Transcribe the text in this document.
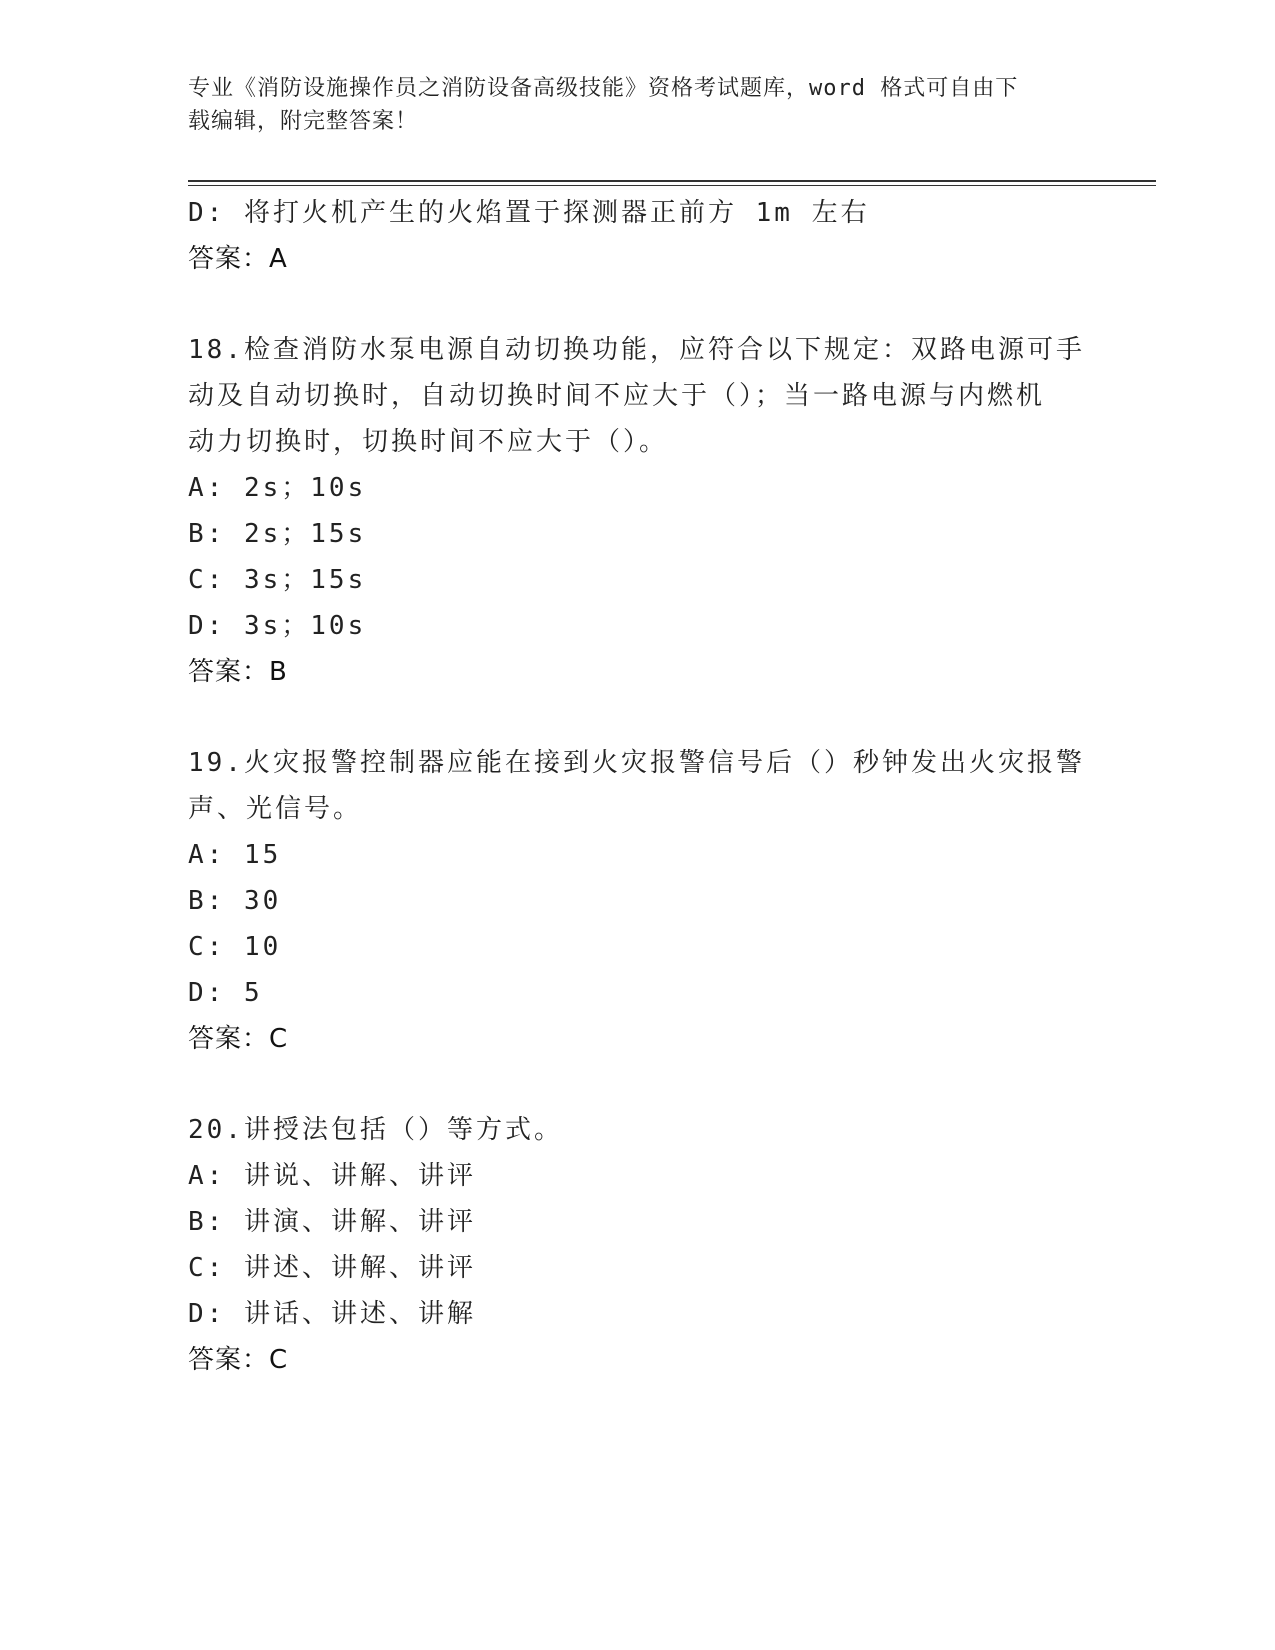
专业《消防设施操作员之消防设备高级技能》资格考试题库，word 格式可自由下
载编辑，附完整答案！
D: 将打火机产生的火焰置于探测器正前方 1m 左右
答案：A
18.检查消防水泵电源自动切换功能，应符合以下规定：双路电源可手
动及自动切换时，自动切换时间不应大于（）；当一路电源与内燃机
动力切换时，切换时间不应大于（）。
A: 2s；10s
B: 2s；15s
C: 3s；15s
D: 3s；10s
答案：B
19.火灾报警控制器应能在接到火灾报警信号后（）秒钟发出火灾报警
声、光信号。
A: 15
B: 30
C: 10
D: 5
答案：C
20.讲授法包括（）等方式。
A: 讲说、讲解、讲评
B: 讲演、讲解、讲评
C: 讲述、讲解、讲评
D: 讲话、讲述、讲解
答案：C
